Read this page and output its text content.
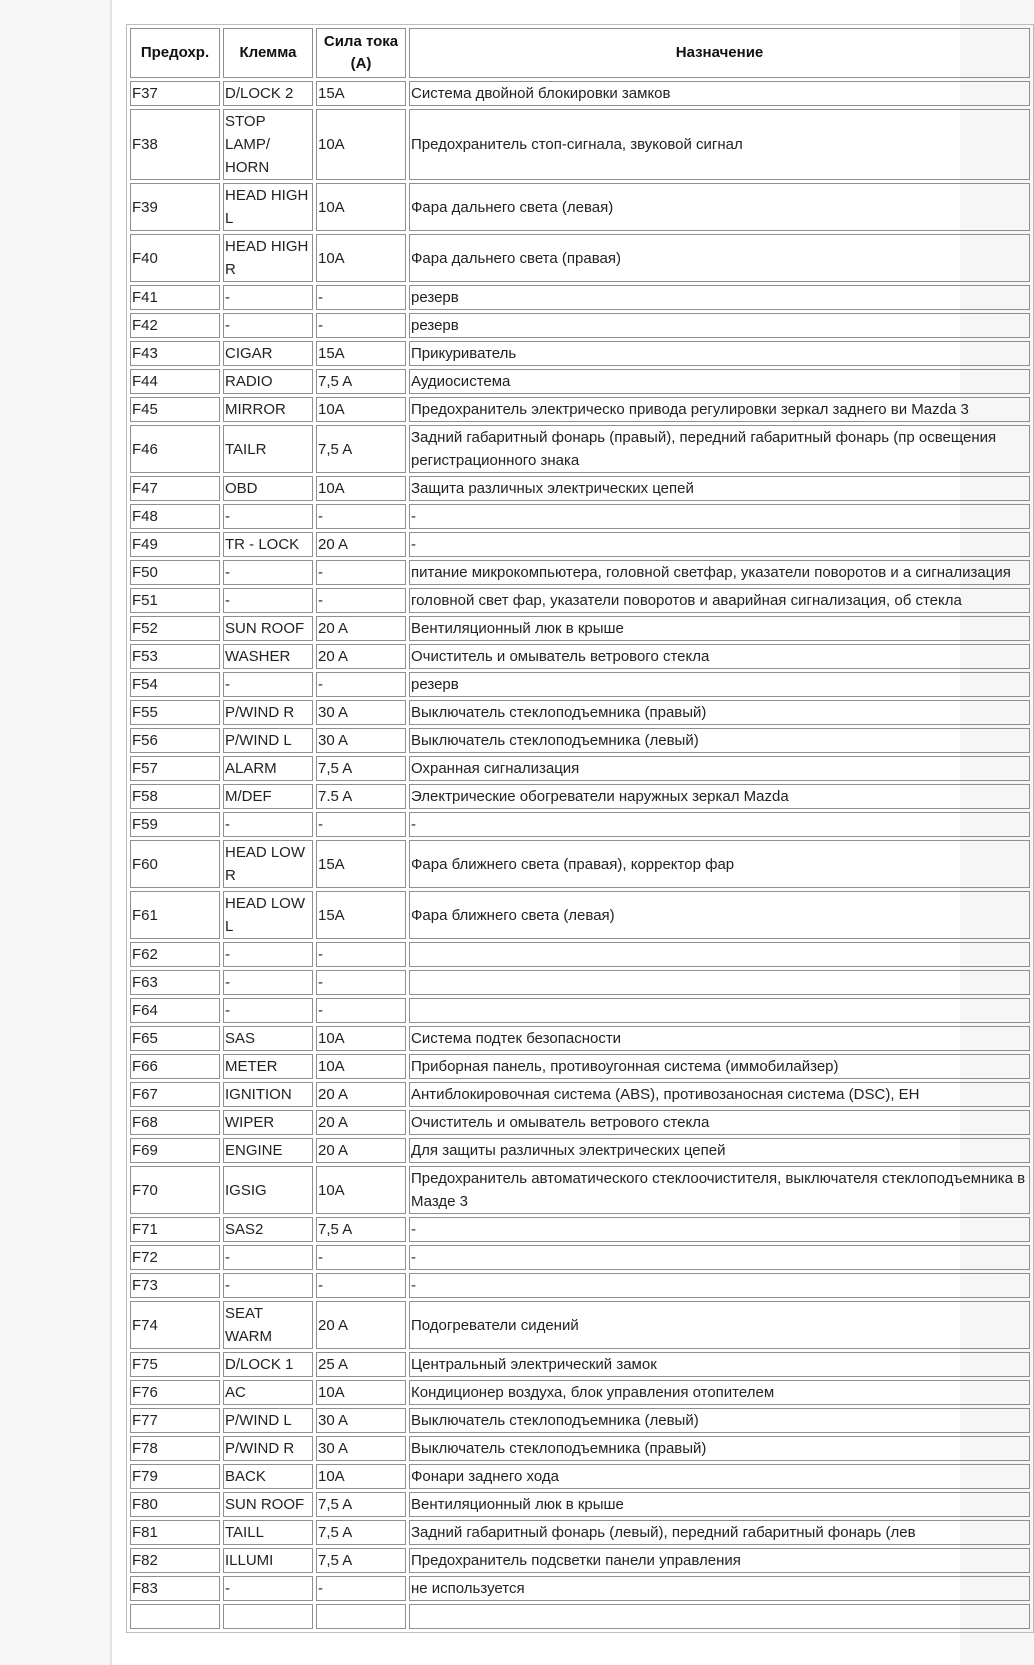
Предохр.	Клемма	Сила тока (А)	Назначение
F37	D/LOCK 2	15A	Система двойной блокировки замков
F38	STOP LAMP/ HORN	10A	Предохранитель стоп-сигнала, звуковой сигнал
F39	HEAD HIGH L	10A	Фара дальнего света (левая)
F40	HEAD HIGH R	10A	Фара дальнего света (правая)
F41	-	-	резерв
F42	-	-	резерв
F43	CIGAR	15A	Прикуриватель
F44	RADIO	7,5 A	Аудиосистема
F45	MIRROR	10A	Предохранитель электрическо привода регулировки зеркал заднего ви Mazda 3
F46	TAILR	7,5 A	Задний габаритный фонарь (правый), передний габаритный фонарь (пр освещения регистрационного знака
F47	OBD	10A	Защита различных электрических цепей
F48	-	-	-
F49	TR - LOCK	20 A	-
F50	-	-	питание микрокомпьютера, головной светфар, указатели поворотов и а сигнализация
F51	-	-	головной свет фар, указатели поворотов и аварийная сигнализация, об стекла
F52	SUN ROOF	20 A	Вентиляционный люк в крыше
F53	WASHER	20 A	Очиститель и омыватель ветрового стекла
F54	-	-	резерв
F55	P/WIND R	30 A	Выключатель стеклоподъемника (правый)
F56	P/WIND L	30 A	Выключатель стеклоподъемника (левый)
F57	ALARM	7,5 A	Охранная сигнализация
F58	M/DEF	7.5 A	Электрические обогреватели наружных зеркал Mazda
F59	-	-	-
F60	HEAD LOW R	15A	Фара ближнего света (правая), корректор фар
F61	HEAD LOW L	15A	Фара ближнего света (левая)
F62	-	-	
F63	-	-	
F64	-	-	
F65	SAS	10A	Система подтек безопасности
F66	METER	10A	Приборная панель, противоугонная система (иммобилайзер)
F67	IGNITION	20 A	Антиблокировочная система (ABS), противозаносная система (DSC), ЕН
F68	WIPER	20 A	Очиститель и омыватель ветрового стекла
F69	ENGINE	20 A	Для защиты различных электрических цепей
F70	IGSIG	10A	Предохранитель автоматического стеклоочистителя, выключателя стеклоподъемника в Мазде 3
F71	SAS2	7,5 A	-
F72	-	-	-
F73	-	-	-
F74	SEAT WARM	20 A	Подогреватели сидений
F75	D/LOCK 1	25 A	Центральный электрический замок
F76	AC	10A	Кондиционер воздуха, блок управления отопителем
F77	P/WIND L	30 A	Выключатель стеклоподъемника (левый)
F78	P/WIND R	30 A	Выключатель стеклоподъемника (правый)
F79	BACK	10A	Фонари заднего хода
F80	SUN ROOF	7,5 A	Вентиляционный люк в крыше
F81	TAILL	7,5 A	Задний габаритный фонарь (левый), передний габаритный фонарь (лев
F82	ILLUMI	7,5 A	Предохранитель подсветки панели управления
F83	-	-	не используется
